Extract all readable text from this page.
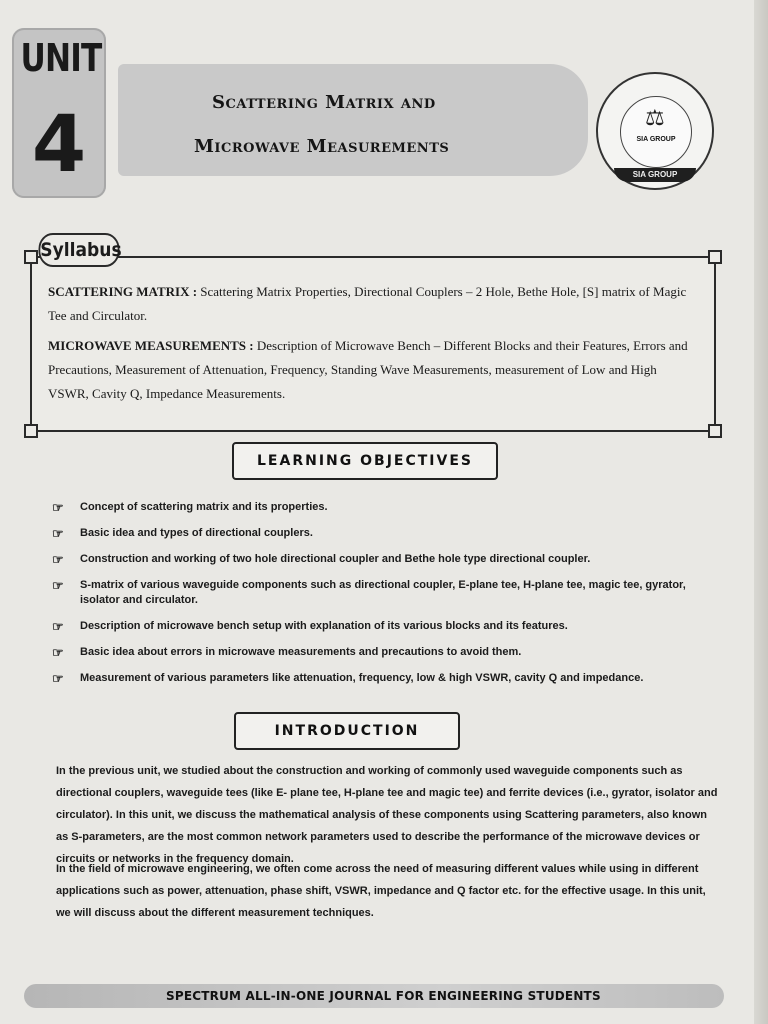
UNIT
4	Scattering Matrix and
Microwave Measurements

⚖
SIA GROUP
SIA GROUP
SCATTERING MATRIX : Scattering Matrix Properties, Directional Couplers – 2 Hole, Bethe Hole, [S] matrix of Magic Tee and Circulator.
MICROWAVE MEASUREMENTS : Description of Microwave Bench – Different Blocks and their Features, Errors and Precautions, Measurement of Attenuation, Frequency, Standing Wave Measurements, measurement of Low and High VSWR, Cavity Q, Impedance Measurements.
Syllabus
LEARNING OBJECTIVES
☞ Concept of scattering matrix and its properties.
☞ Basic idea and types of directional couplers.
☞ Construction and working of two hole directional coupler and Bethe hole type directional coupler.
☞ S-matrix of various waveguide components such as directional coupler, E-plane tee, H-plane tee, magic tee, gyrator, isolator and circulator.
☞ Description of microwave bench setup with explanation of its various blocks and its features.
☞ Basic idea about errors in microwave measurements and precautions to avoid them.
☞ Measurement of various parameters like attenuation, frequency, low & high VSWR, cavity Q and impedance.
INTRODUCTION

In the previous unit, we studied about the construction and working of commonly used waveguide components such as directional couplers, waveguide tees (like E- plane tee, H-plane tee and magic tee) and ferrite devices (i.e., gyrator, isolator and circulator). In this unit, we discuss the mathematical analysis of these components using Scattering parameters, also known as S-parameters, are the most common network parameters used to describe the performance of the microwave devices or circuits or networks in the frequency domain.

In the field of microwave engineering, we often come across the need of measuring different values while using in different applications such as power, attenuation, phase shift, VSWR, impedance and Q factor etc. for the effective usage. In this unit, we will discuss about the different measurement techniques.

SPECTRUM ALL-IN-ONE JOURNAL FOR ENGINEERING STUDENTS
